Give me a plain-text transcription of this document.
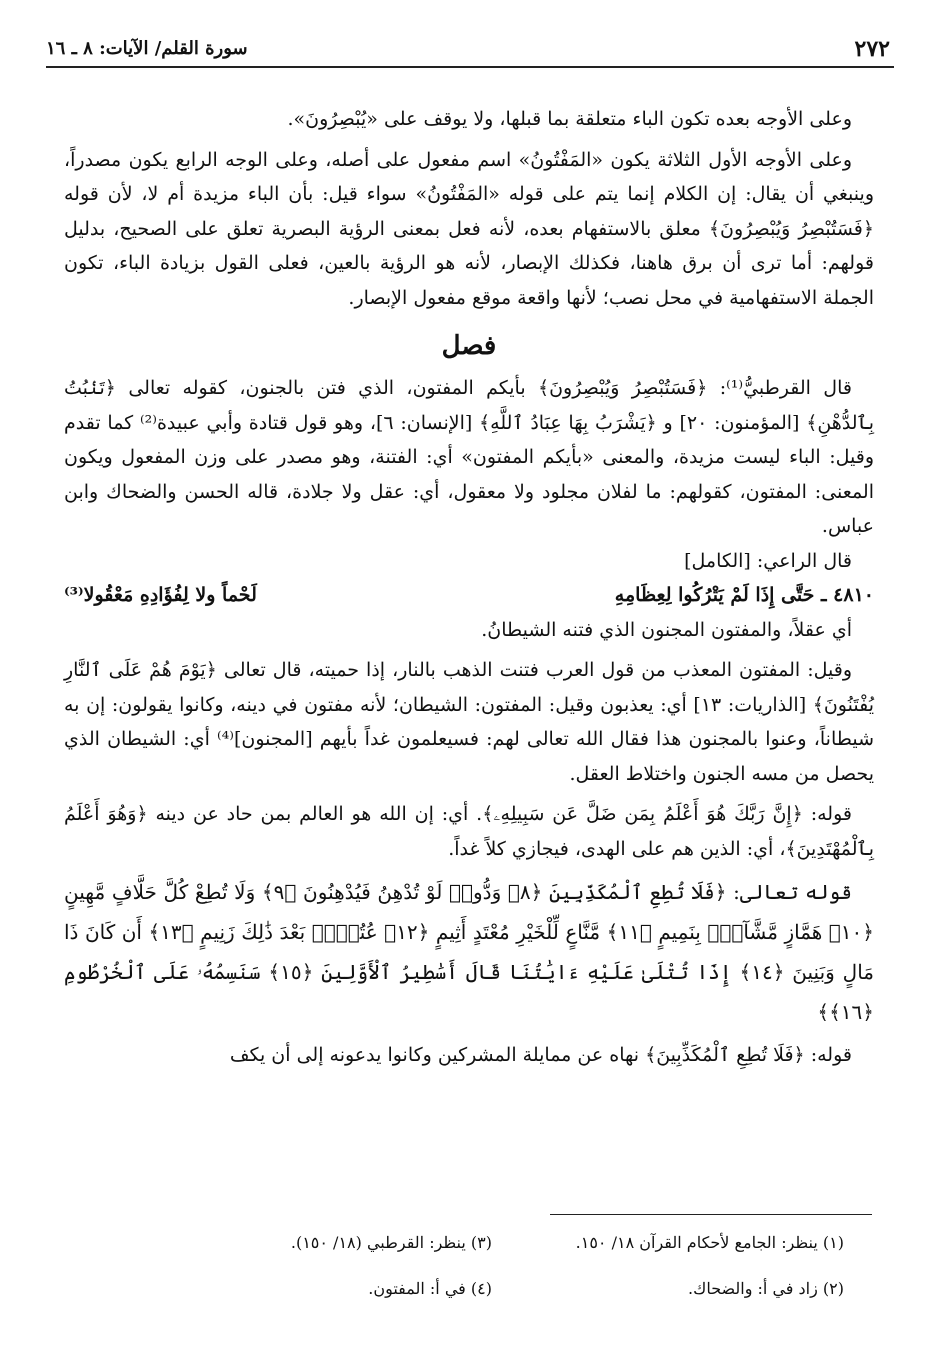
٢٧٢
سورة القلم/ الآيات: ٨ ـ ١٦

وعلى الأوجه بعده تكون الباء متعلقة بما قبلها، ولا يوقف على «يُبْصِرُونَ».

وعلى الأوجه الأول الثلاثة يكون «المَفْتُونُ» اسم مفعول على أصله، وعلى الوجه الرابع يكون مصدراً، وينبغي أن يقال: إن الكلام إنما يتم على قوله «المَفْتُونُ» سواء قيل: بأن الباء مزيدة أم لا، لأن قوله ﴿فَسَتُبْصِرُ وَيُبْصِرُونَ﴾ معلق بالاستفهام بعده، لأنه فعل بمعنى الرؤية البصرية تعلق على الصحيح، بدليل قولهم: أما ترى أن برق هاهنا، فكذلك الإبصار، لأنه هو الرؤية بالعين، فعلى القول بزيادة الباء، تكون الجملة الاستفهامية في محل نصب؛ لأنها واقعة موقع مفعول الإبصار.

فصل

قال القرطبيُّ⁽¹⁾: ﴿فَسَتُبْصِرُ وَيُبْصِرُونَ﴾ بأيكم المفتون، الذي فتن بالجنون، كقوله تعالى ﴿تَنۢبُتُ بِٱلدُّهْنِ﴾ [المؤمنون: ٢٠] و ﴿يَشْرَبُ بِهَا عِبَادُ ٱللَّهِ﴾ [الإنسان: ٦]، وهو قول قتادة وأبي عبيدة⁽²⁾ كما تقدم وقيل: الباء ليست مزيدة، والمعنى «بأيكم المفتون» أي: الفتنة، وهو مصدر على وزن المفعول ويكون المعنى: المفتون، كقولهم: ما لفلان مجلود ولا معقول، أي: عقل ولا جلادة، قاله الحسن والضحاك وابن عباس.

قال الراعي: [الكامل]

٤٨١٠ ـ حَتَّى إِذَا لَمْ يَتْرُكُوا لِعِظَامِهِ
لَحْماً ولا لِفُؤَادِهِ مَعْقُولا⁽³⁾

أي عقلاً، والمفتون المجنون الذي فتنه الشيطانُ.

وقيل: المفتون المعذب من قول العرب فتنت الذهب بالنار، إذا حميته، قال تعالى ﴿يَوْمَ هُمْ عَلَى ٱلنَّارِ يُفْتَنُونَ﴾ [الذاريات: ١٣] أي: يعذبون وقيل: المفتون: الشيطان؛ لأنه مفتون في دينه، وكانوا يقولون: إن به شيطاناً، وعنوا بالمجنون هذا فقال الله تعالى لهم: فسيعلمون غداً بأيهم [المجنون]⁽⁴⁾ أي: الشيطان الذي يحصل من مسه الجنون واختلاط العقل.

قوله: ﴿إِنَّ رَبَّكَ هُوَ أَعْلَمُ بِمَن ضَلَّ عَن سَبِيلِهِۦ﴾. أي: إن الله هو العالم بمن حاد عن دينه ﴿وَهُوَ أَعْلَمُ بِٱلْمُهْتَدِينَ﴾، أي: الذين هم على الهدى، فيجازي كلاً غداً.

قوله تعالى: ﴿فَلَا تُطِعِ ٱلْمُكَذِّبِينَ ﴿٨﴾ وَدُّوا۟ لَوْ تُدْهِنُ فَيُدْهِنُونَ ﴿٩﴾ وَلَا تُطِعْ كُلَّ حَلَّافٍ مَّهِينٍ ﴿١٠﴾ هَمَّازٍ مَّشَّآءٍۭ بِنَمِيمٍ ﴿١١﴾ مَّنَّاعٍ لِّلْخَيْرِ مُعْتَدٍ أَثِيمٍ ﴿١٢﴾ عُتُلٍّۭ بَعْدَ ذَٰلِكَ زَنِيمٍ ﴿١٣﴾ أَن كَانَ ذَا مَالٍ وَبَنِينَ ﴿١٤﴾ إِذَا تُتْلَىٰ عَلَيْهِ ءَايَٰتُنَا قَالَ أَسَٰطِيرُ ٱلْأَوَّلِينَ ﴿١٥﴾ سَنَسِمُهُۥ عَلَى ٱلْخُرْطُومِ ﴿١٦﴾﴾

قوله: ﴿فَلَا تُطِعِ ٱلْمُكَذِّبِينَ﴾ نهاه عن ممايلة المشركين وكانوا يدعونه إلى أن يكف

(١) ينظر: الجامع لأحكام القرآن ١٨/ ١٥٠.
(٣) ينظر: القرطبي (١٨/ ١٥٠).
(٢) زاد في أ: والضحاك.
(٤) في أ: المفتون.
